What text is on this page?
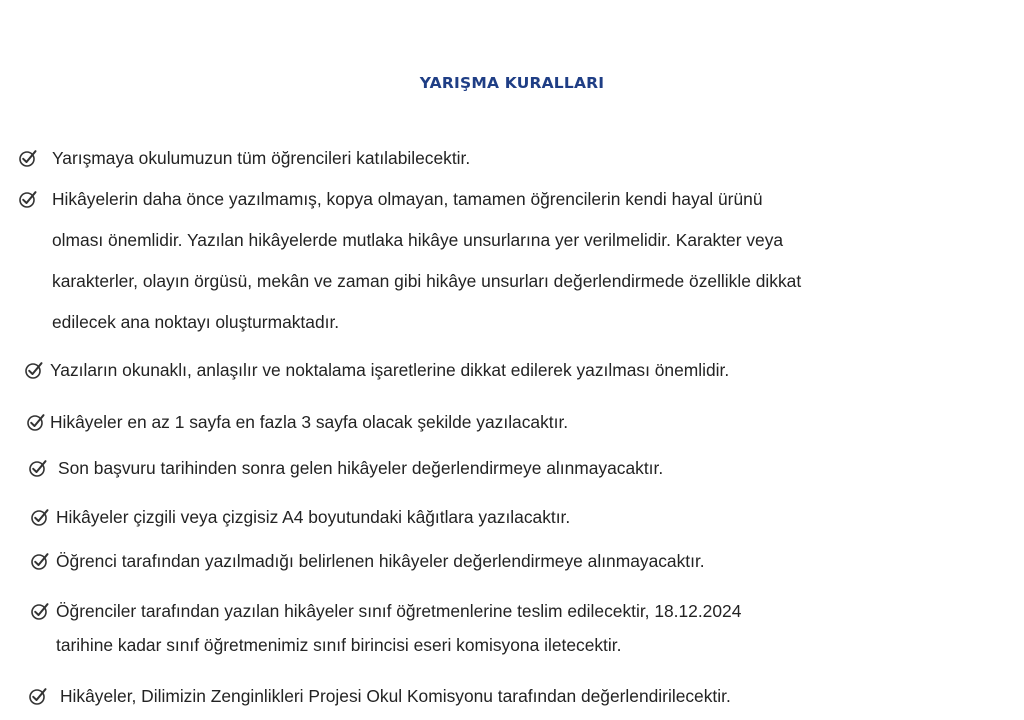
YARIŞMA KURALLARI
Yarışmaya okulumuzun tüm öğrencileri katılabilecektir.
Hikâyelerin daha önce yazılmamış, kopya olmayan, tamamen öğrencilerin kendi hayal ürünü
olması önemlidir. Yazılan hikâyelerde mutlaka hikâye unsurlarına yer verilmelidir. Karakter veya
karakterler, olayın örgüsü, mekân ve zaman gibi hikâye unsurları değerlendirmede özellikle dikkat
edilecek ana noktayı oluşturmaktadır.
Yazıların okunaklı, anlaşılır ve noktalama işaretlerine dikkat edilerek yazılması önemlidir.
Hikâyeler en az 1 sayfa en fazla 3 sayfa olacak şekilde yazılacaktır.
Son başvuru tarihinden sonra gelen hikâyeler değerlendirmeye alınmayacaktır.
Hikâyeler çizgili veya çizgisiz A4 boyutundaki kâğıtlara yazılacaktır.
Öğrenci tarafından yazılmadığı belirlenen hikâyeler değerlendirmeye alınmayacaktır.
Öğrenciler tarafından yazılan hikâyeler sınıf öğretmenlerine teslim edilecektir, 18.12.2024
tarihine kadar sınıf öğretmenimiz sınıf birincisi eseri komisyona iletecektir.
Hikâyeler, Dilimizin Zenginlikleri Projesi Okul Komisyonu tarafından değerlendirilecektir.
